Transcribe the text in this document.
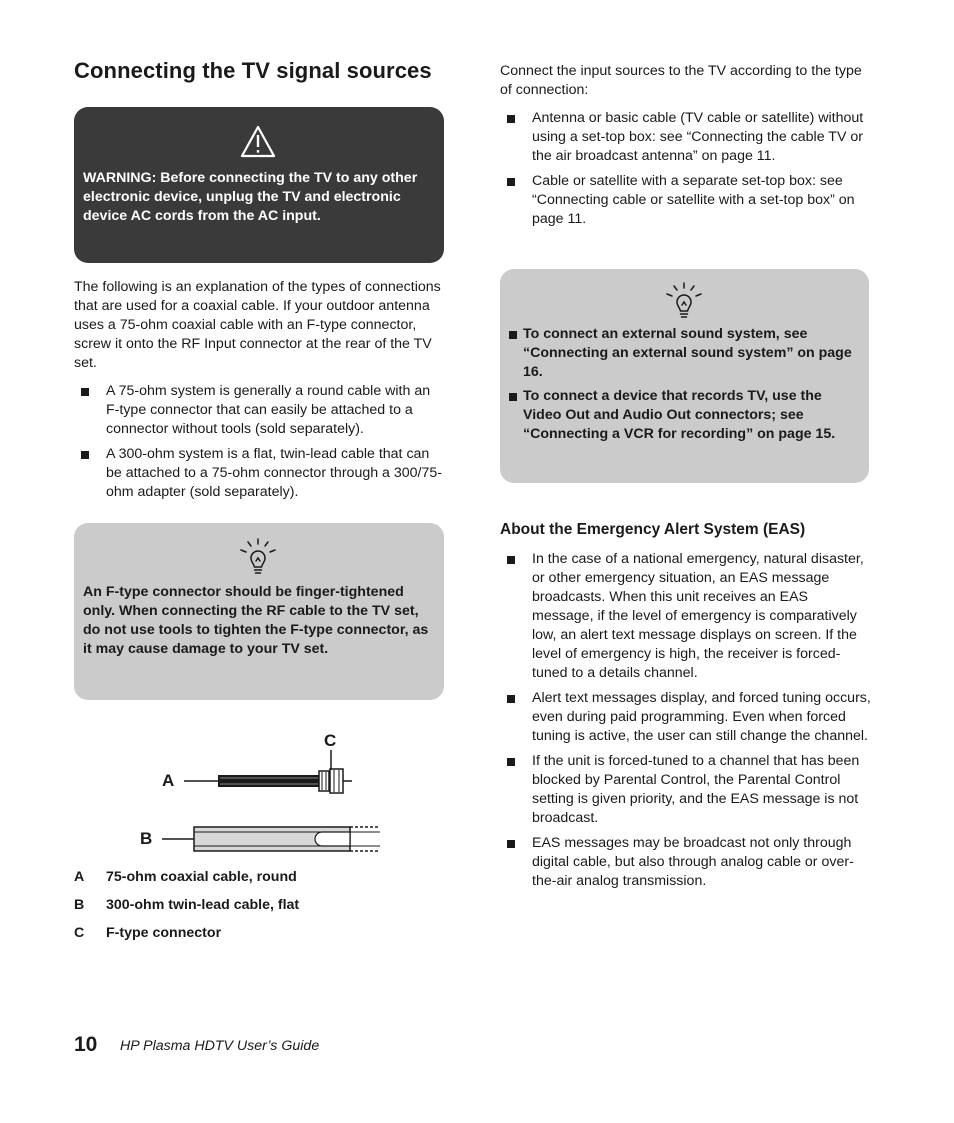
Connecting the TV signal sources

WARNING: Before connecting the TV to any other electronic device, unplug the TV and electronic device AC cords from the AC input.

The following is an explanation of the types of connections that are used for a coaxial cable. If your outdoor antenna uses a 75-ohm coaxial cable with an F-type connector, screw it onto the RF Input connector at the rear of the TV set.

A 75-ohm system is generally a round cable with an F-type connector that can easily be attached to a connector without tools (sold separately).
A 300-ohm system is a flat, twin-lead cable that can be attached to a 75-ohm connector through a 300/75-ohm adapter (sold separately).

An F-type connector should be finger-tightened only. When connecting the RF cable to the TV set, do not use tools to tighten the F-type connector, as it may cause damage to your TV set.

A
B
C
A 75-ohm coaxial cable, round
B 300-ohm twin-lead cable, flat
C F-type connector

Connect the input sources to the TV according to the type of connection:

Antenna or basic cable (TV cable or satellite) without using a set-top box: see “Connecting the cable TV or the air broadcast antenna” on page 11.
Cable or satellite with a separate set-top box: see “Connecting cable or satellite with a set-top box” on page 11.
To connect an external sound system, see “Connecting an external sound system” on page 16.
To connect a device that records TV, use the Video Out and Audio Out connectors; see “Connecting a VCR for recording” on page 15.
About the Emergency Alert System (EAS)
In the case of a national emergency, natural disaster, or other emergency situation, an EAS message broadcasts. When this unit receives an EAS message, if the level of emergency is comparatively low, an alert text message displays on screen. If the level of emergency is high, the receiver is forced-tuned to a details channel.
Alert text messages display, and forced tuning occurs, even during paid programming. Even when forced tuning is active, the user can still change the channel.
If the unit is forced-tuned to a channel that has been blocked by Parental Control, the Parental Control setting is given priority, and the EAS message is not broadcast.
EAS messages may be broadcast not only through digital cable, but also through analog cable or over-the-air analog transmission.
10 HP Plasma HDTV User’s Guide
